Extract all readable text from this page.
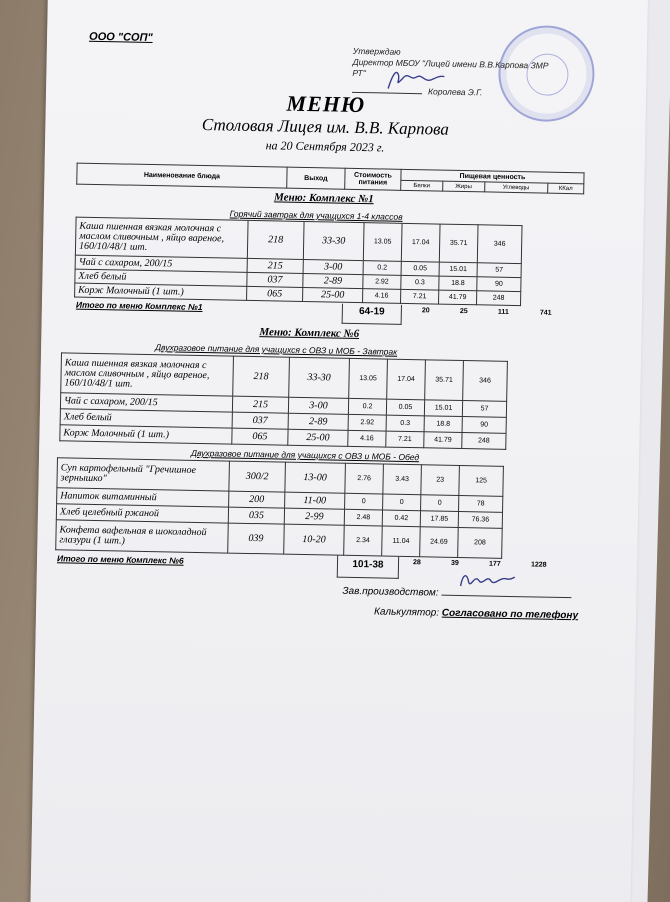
ООО "СОП"
Утверждаю
Директор МБОУ "Лицей имени В.В.Карпова ЗМР РТ"
Королева Э.Г.
МЕНЮ
Столовая Лицея им. В.В. Карпова
на 20 Сентября 2023 г.
Наименование блюда	Выход	Стоимость питания	Пищевая ценность			
			Белки	Жиры	Углеводы	ККал
Меню: Комплекс №1
Горячий завтрак для учащихся 1-4 классов
Каша пшенная вязкая молочная с маслом сливочным , яйцо вареное, 160/10/48/1 шт.	218	33-30	13.05	17.04	35.71	346
Чай с сахаром, 200/15	215	3-00	0.2	0.05	15.01	57
Хлеб белый	037	2-89	2.92	0.3	18.8	90
Корж Молочный (1 шт.)	065	25-00	4.16	7.21	41.79	248
Итого по меню Комплекс №1	64-19	20	25	111	741
Меню: Комплекс №6
Двухразовое питание для учащихся с ОВЗ и МОБ - Завтрак
Каша пшенная вязкая молочная с маслом сливочным , яйцо вареное, 160/10/48/1 шт.	218	33-30	13.05	17.04	35.71	346
Чай с сахаром, 200/15	215	3-00	0.2	0.05	15.01	57
Хлеб белый	037	2-89	2.92	0.3	18.8	90
Корж Молочный (1 шт.)	065	25-00	4.16	7.21	41.79	248
Двухразовое питание для учащихся с ОВЗ и МОБ - Обед
Суп картофельный "Гречишное зернышко"	300/2	13-00	2.76	3.43	23	125
Напиток витаминный	200	11-00	0	0	0	78
Хлеб целебный ржаной	035	2-99	2.48	0.42	17.85	76.36
Конфета вафельная в шоколадной глазури (1 шт.)	039	10-20	2.34	11.04	24.69	208
Итого по меню Комплекс №6	101-38	28	39	177	1228
Зав.производством:
Калькулятор: Согласовано по телефону
